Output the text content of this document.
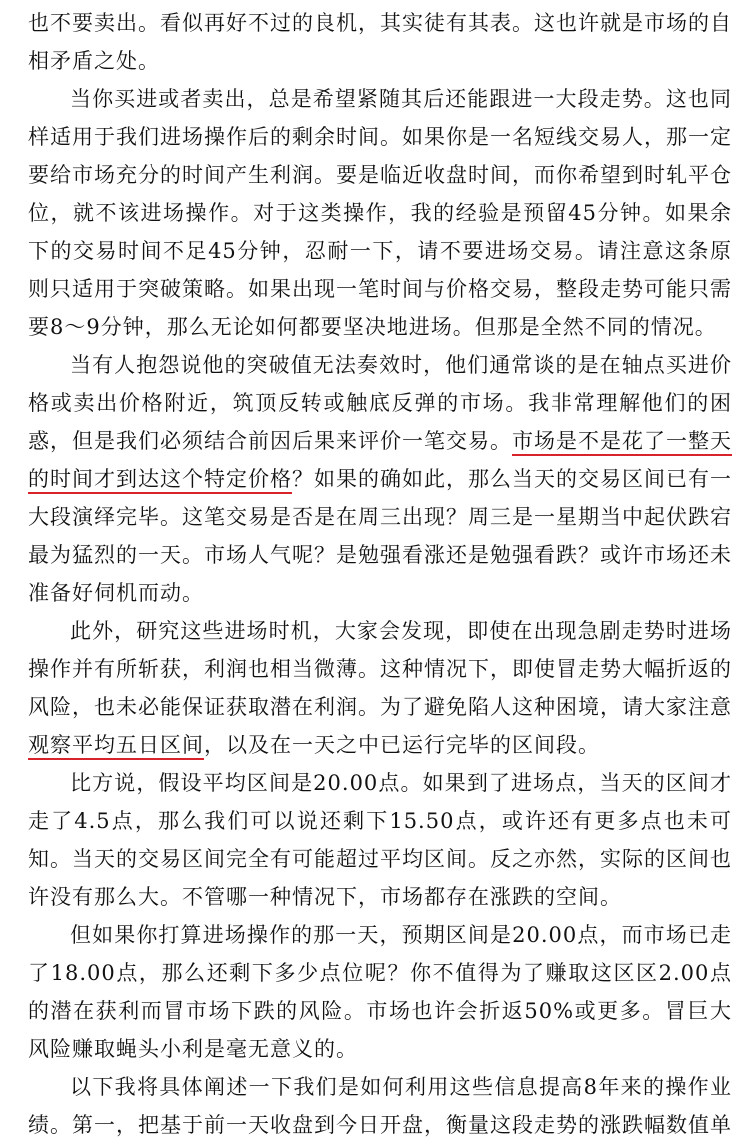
也不要卖出。看似再好不过的良机，其实徒有其表。这也许就是市场的自相矛盾之处。

当你买进或者卖出，总是希望紧随其后还能跟进一大段走势。这也同样适用于我们进场操作后的剩余时间。如果你是一名短线交易人，那一定要给市场充分的时间产生利润。要是临近收盘时间，而你希望到时轧平仓位，就不该进场操作。对于这类操作，我的经验是预留45分钟。如果余下的交易时间不足45分钟，忍耐一下，请不要进场交易。请注意这条原则只适用于突破策略。如果出现一笔时间与价格交易，整段走势可能只需要8～9分钟，那么无论如何都要坚决地进场。但那是全然不同的情况。

当有人抱怨说他的突破值无法奏效时，他们通常谈的是在轴点买进价格或卖出价格附近，筑顶反转或触底反弹的市场。我非常理解他们的困惑，但是我们必须结合前因后果来评价一笔交易。市场是不是花了一整天的时间才到达这个特定价格？如果的确如此，那么当天的交易区间已有一大段演绎完毕。这笔交易是否是在周三出现？周三是一星期当中起伏跌宕最为猛烈的一天。市场人气呢？是勉强看涨还是勉强看跌？或许市场还未准备好伺机而动。

此外，研究这些进场时机，大家会发现，即使在出现急剧走势时进场操作并有所斩获，利润也相当微薄。这种情况下，即使冒走势大幅折返的风险，也未必能保证获取潜在利润。为了避免陷人这种困境，请大家注意观察平均五日区间，以及在一天之中已运行完毕的区间段。

比方说，假设平均区间是20.00点。如果到了进场点，当天的区间才走了4.5点，那么我们可以说还剩下15.50点，或许还有更多点也未可知。当天的交易区间完全有可能超过平均区间。反之亦然，实际的区间也许没有那么大。不管哪一种情况下，市场都存在涨跌的空间。

但如果你打算进场操作的那一天，预期区间是20.00点，而市场已走了18.00点，那么还剩下多少点位呢？你不值得为了赚取这区区2.00点的潜在获利而冒市场下跌的风险。市场也许会折返50%或更多。冒巨大风险赚取蝇头小利是毫无意义的。

以下我将具体阐述一下我们是如何利用这些信息提高8年来的操作业绩。第一，把基于前一天收盘到今日开盘，衡量这段走势的涨跌幅数值单
